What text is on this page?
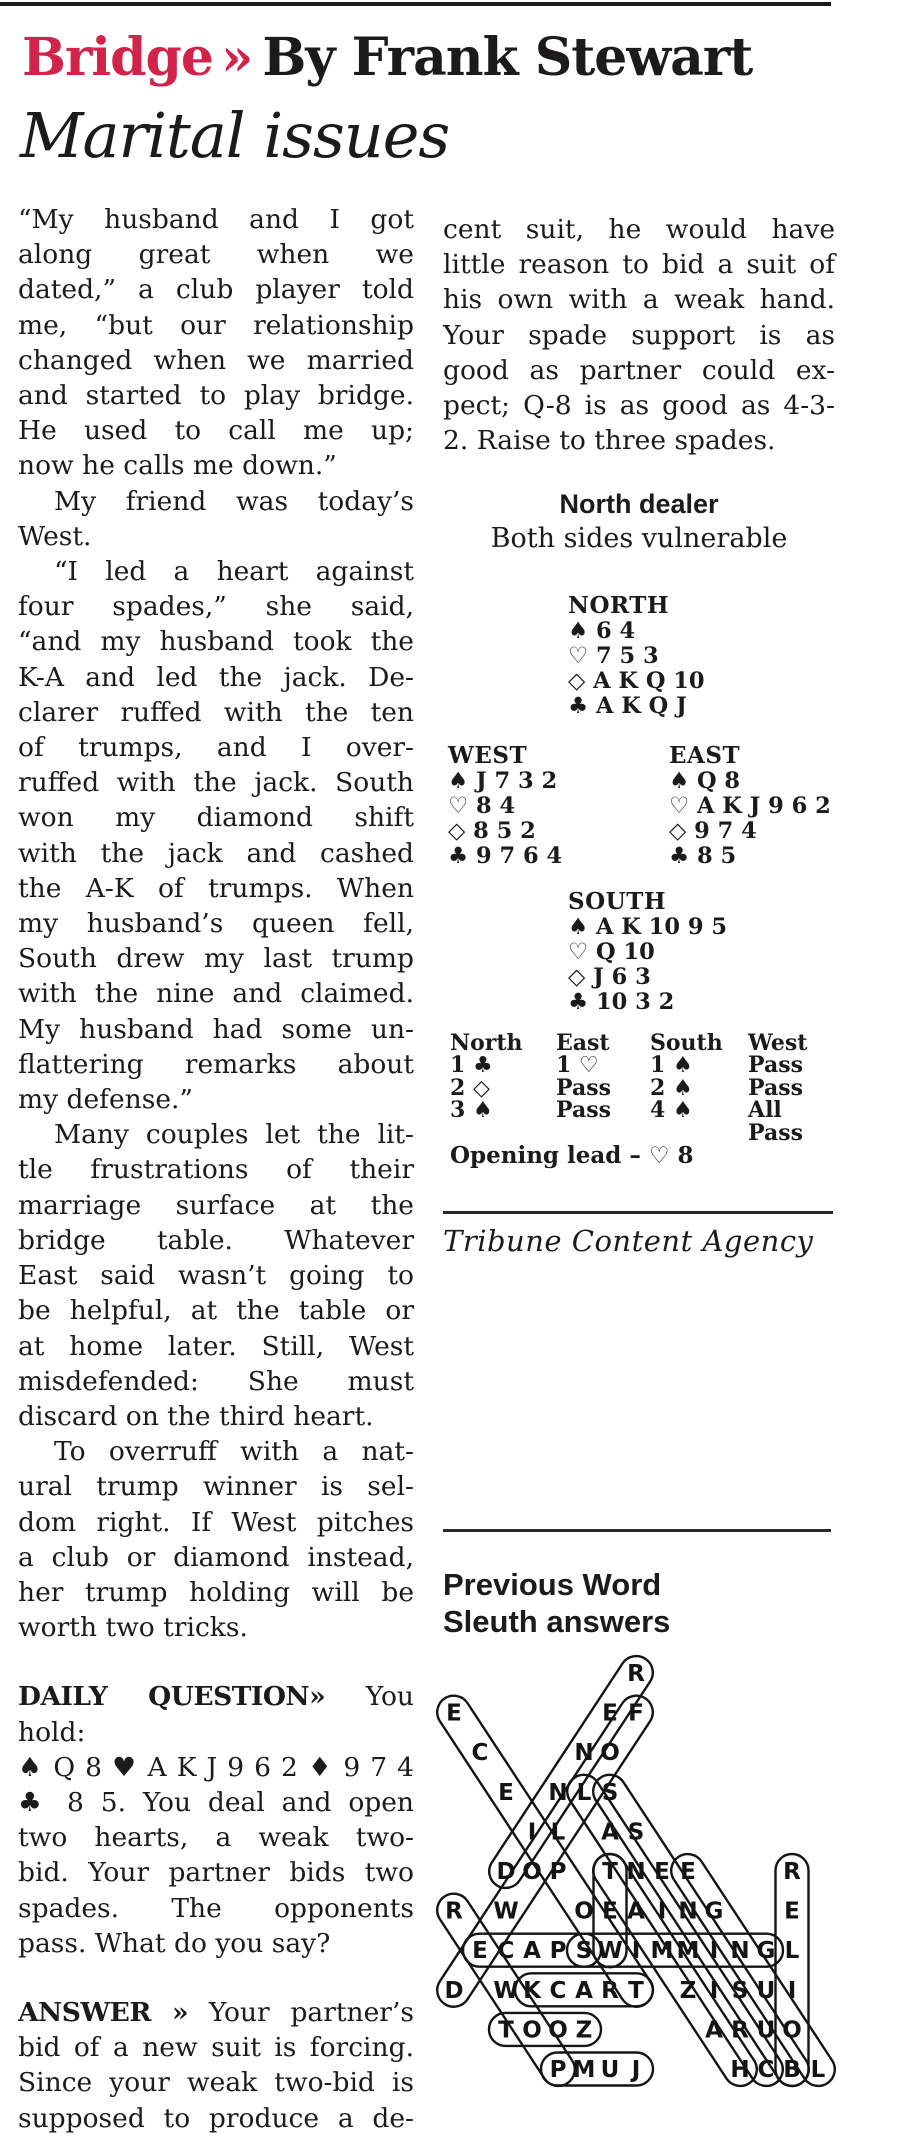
Bridge » By Frank Stewart
Marital issues
“My husband and I got
along great when we
dated,” a club player told
me, “but our relationship
changed when we married
and started to play bridge.
He used to call me up;
now he calls me down.”
My friend was today’s
West.
“I led a heart against
four spades,” she said,
“and my husband took the
K-A and led the jack. De-
clarer ruffed with the ten
of trumps, and I over-
ruffed with the jack. South
won my diamond shift
with the jack and cashed
the A-K of trumps. When
my husband’s queen fell,
South drew my last trump
with the nine and claimed.
My husband had some un-
flattering remarks about
my defense.”
Many couples let the lit-
tle frustrations of their
marriage surface at the
bridge table. Whatever
East said wasn’t going to
be helpful, at the table or
at home later. Still, West
misdefended: She must
discard on the third heart.
To overruff with a nat-
ural trump winner is sel-
dom right. If West pitches
a club or diamond instead,
her trump holding will be
worth two tricks.
DAILY QUESTION» You hold:
♠ Q 8 ♥ A K J 9 6 2 ♦ 9 7 4
♣ 8 5. You deal and open
two hearts, a weak two-
bid. Your partner bids two
spades. The opponents
pass. What do you say?
ANSWER » Your partner’s
bid of a new suit is forcing.
Since your weak two-bid is
supposed to produce a de-
cent suit, he would have
little reason to bid a suit of
his own with a weak hand.
Your spade support is as
good as partner could ex-
pect; Q-8 is as good as 4-3-
2. Raise to three spades.
North dealer
Both sides vulnerable
NORTH
♠ 6 4
♡ 7 5 3
◇ A K Q 10
♣ A K Q J
WEST
♠ J 7 3 2
♡ 8 4
◇ 8 5 2
♣ 9 7 6 4
EAST
♠ Q 8
♡ A K J 9 6 2
◇ 9 7 4
♣ 8 5
SOUTH
♠ A K 10 9 5
♡ Q 10
◇ J 6 3
♣ 10 3 2
North	East	South	West
1 ♣	1 ♡	1 ♠	Pass
2 ◇	Pass	2 ♠	Pass
3 ♠	Pass	4 ♠	All Pass
Opening lead – ♡ 8
Tribune Content Agency
Previous Word
Sleuth answers
R
E	E F
C	N O
E N L S
I L A S
D O P T N E E	R
R W O E A I N G	E
E C A P S W I M M I N G L
D W K C A R T Z I S U I
T O O Z	A R U O
P M U J	H C B L
